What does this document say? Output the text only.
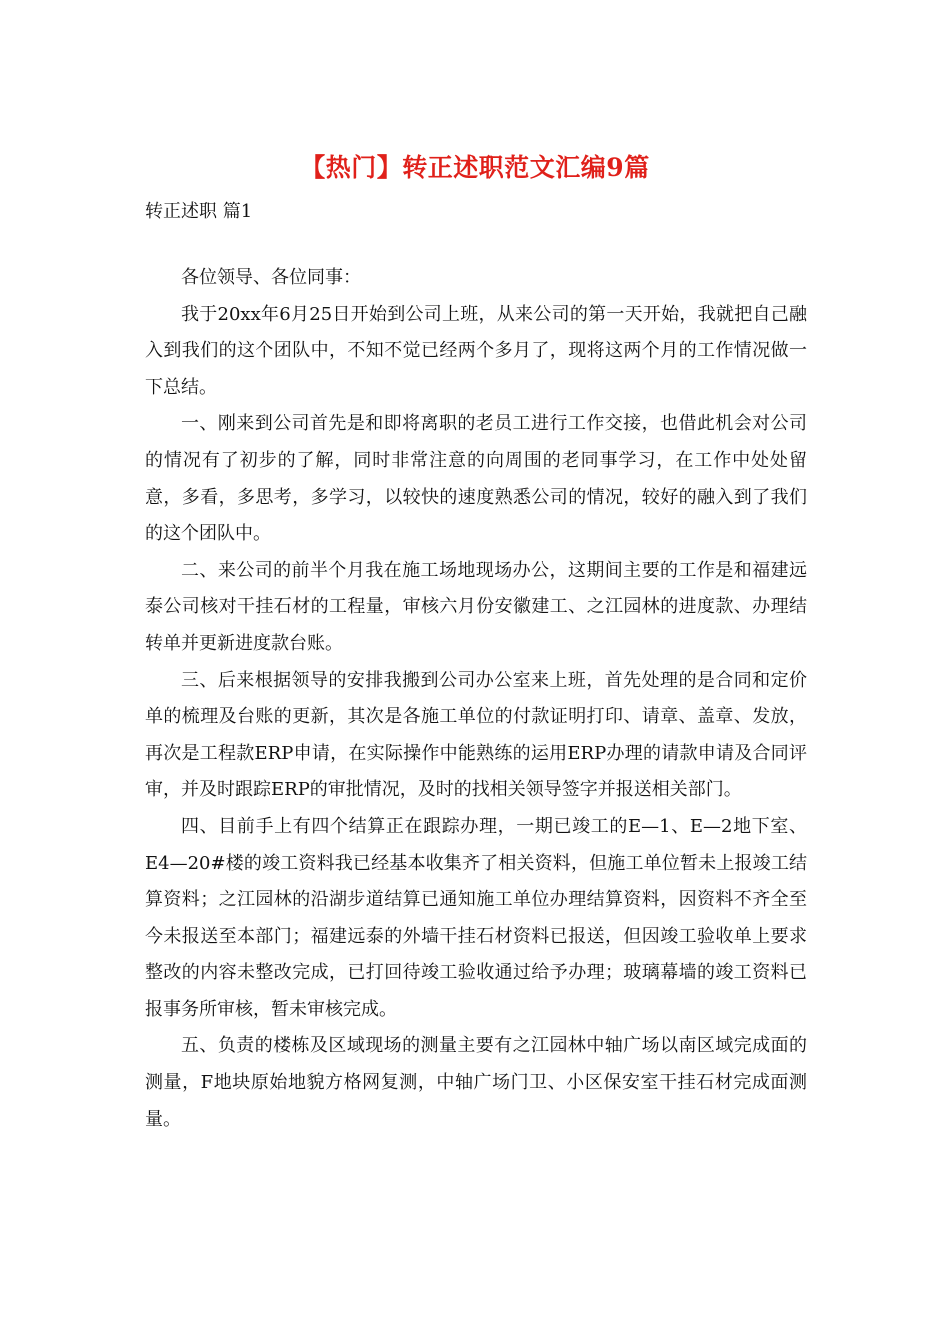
【热门】转正述职范文汇编9篇
转正述职 篇1

各位领导、各位同事：

我于20xx年6月25日开始到公司上班，从来公司的第一天开始，我就把自己融入到我们的这个团队中，不知不觉已经两个多月了，现将这两个月的工作情况做一下总结。

一、刚来到公司首先是和即将离职的老员工进行工作交接，也借此机会对公司的情况有了初步的了解，同时非常注意的向周围的老同事学习，在工作中处处留意，多看，多思考，多学习，以较快的速度熟悉公司的情况，较好的融入到了我们的这个团队中。

二、来公司的前半个月我在施工场地现场办公，这期间主要的工作是和福建远泰公司核对干挂石材的工程量，审核六月份安徽建工、之江园林的进度款、办理结转单并更新进度款台账。

三、后来根据领导的安排我搬到公司办公室来上班，首先处理的是合同和定价单的梳理及台账的更新，其次是各施工单位的付款证明打印、请章、盖章、发放，再次是工程款ERP申请，在实际操作中能熟练的运用ERP办理的请款申请及合同评审，并及时跟踪ERP的审批情况，及时的找相关领导签字并报送相关部门。

四、目前手上有四个结算正在跟踪办理，一期已竣工的E—1、E—2地下室、E4—20#楼的竣工资料我已经基本收集齐了相关资料，但施工单位暂未上报竣工结算资料；之江园林的沿湖步道结算已通知施工单位办理结算资料，因资料不齐全至今未报送至本部门；福建远泰的外墙干挂石材资料已报送，但因竣工验收单上要求整改的内容未整改完成，已打回待竣工验收通过给予办理；玻璃幕墙的竣工资料已报事务所审核，暂未审核完成。

五、负责的楼栋及区域现场的测量主要有之江园林中轴广场以南区域完成面的测量，F地块原始地貌方格网复测，中轴广场门卫、小区保安室干挂石材完成面测量。
